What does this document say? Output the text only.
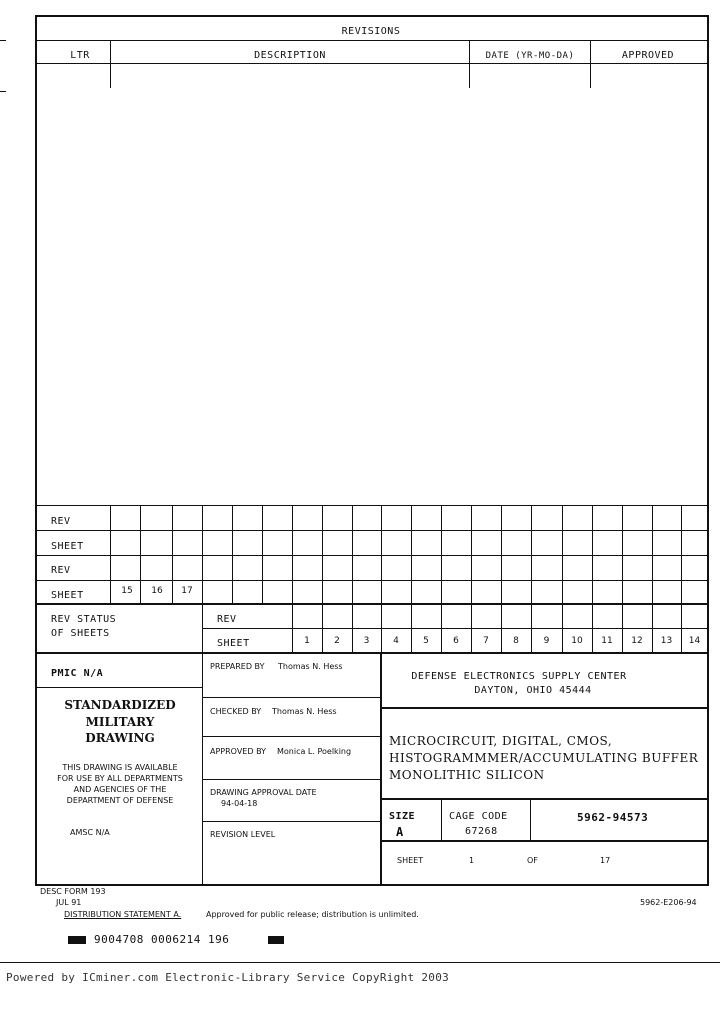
REVISIONS
LTR	DESCRIPTION	DATE (YR-MO-DA)	APPROVED
REV
SHEET
REV
SHEET	15	16	17
REV STATUS
OF SHEETS
REV
SHEET	1	2	3	4	5	6	7	8	9	10	11	12	13	14
PMIC N/A
STANDARDIZED
MILITARY
DRAWING
THIS DRAWING IS AVAILABLE
FOR USE BY ALL DEPARTMENTS
AND AGENCIES OF THE
DEPARTMENT OF DEFENSE
AMSC N/A
PREPARED BY Thomas N. Hess
CHECKED BY Thomas N. Hess
APPROVED BY Monica L. Poelking
DRAWING APPROVAL DATE
94-04-18
REVISION LEVEL
DEFENSE ELECTRONICS SUPPLY CENTER
DAYTON, OHIO 45444
MICROCIRCUIT, DIGITAL, CMOS,
HISTOGRAMMMER/ACCUMULATING BUFFER
MONOLITHIC SILICON
SIZE
A
CAGE CODE
67268
5962-94573
SHEET	1	OF	17
DESC FORM 193
JUL 91	5962-E206-94
DISTRIBUTION STATEMENT A.	Approved for public release; distribution is unlimited.
9004708 0006214 196
Powered by ICminer.com Electronic-Library Service CopyRight 2003
